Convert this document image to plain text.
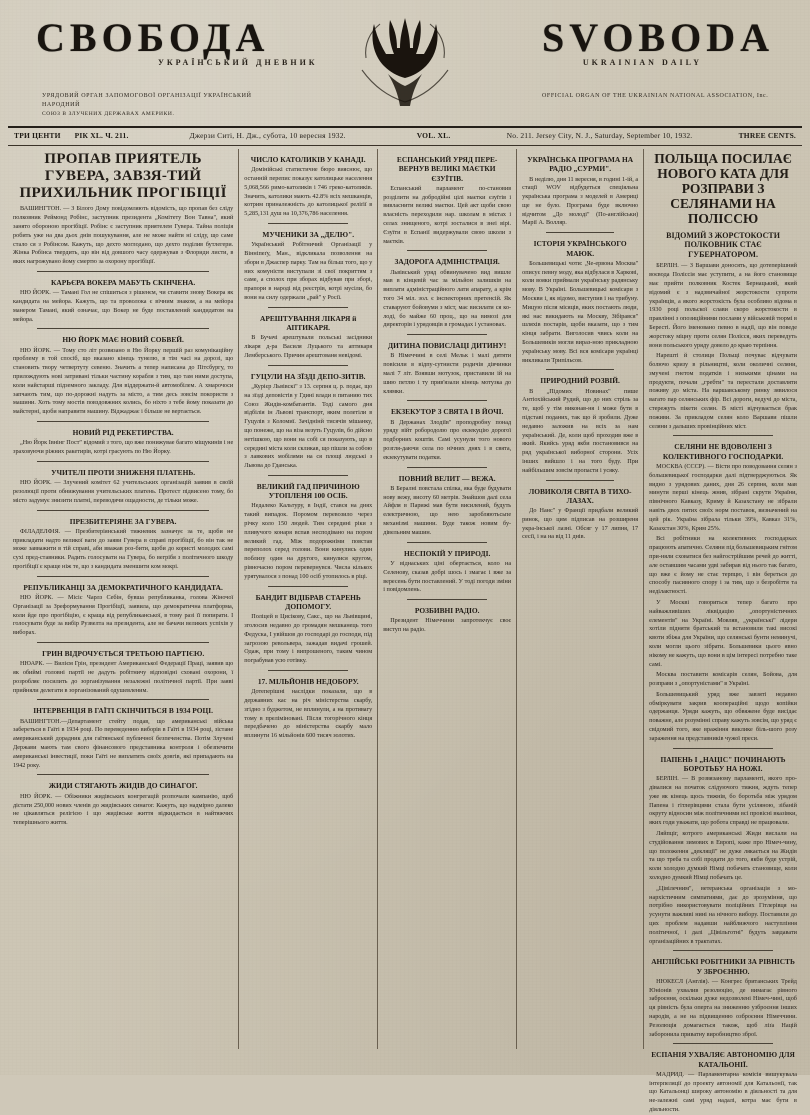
СВОБОДА	SVOBODA
УКРАЇНСЬКИЙ ДНЕВНИК	UKRAINIAN DAILY
УРЯДОВИЙ ОРГАН ЗАПОМОГОВОЇ ОРГАНІЗАЦІЇ УКРАЇНСЬКИЙ НАРОДНИЙ
СОЮЗ В ЗЛУЧЕНИХ ДЕРЖАВАХ АМЕРИКИ.
OFFICIAL ORGAN OF THE UKRAINIAN NATIONAL ASSOCIATION, Inc.
ТРИ ЦЕНТИ	РІК XL. Ч. 211.	Джерзи Ситі, Н. Дж., субота, 10 вересня 1932.	VOL. XL.	No. 211. Jersey City, N. J., Saturday, September 10, 1932.	THREE CENTS.
ПРОПАВ ПРИЯТЕЛЬ ГУВЕРА, ЗАВЗЯ-ТИЙ ПРИХИЛЬНИК ПРОГІБІЦІЇ

ВАШИНГТОН. — З Білого Дому повідомляють відомість, що пропав без сліду полковник Реймонд Робінс, заступник президента „Комітету Вон Тавна", який занято обороною прогібіції. Робінс є заступник приятелем Гувера. Тайна поліція робить уже на два дьох днів пошукування, але не може найти ні сліду, що саме стало ся з Робінсом. Кажуть, що дехто моглодано, що дехто поділив бутлегери. Жінка Робінса твердить, що він від довшого часу одержував з Флориди листи, в яких нагрожувано йому смертю за охорону прогібіції.

КАРЬЄРА ВОКЕРА МАБУТЬ СКІНЧЕНА.

НЮ ЙОРК. — Тамані Гол не спішиться з рішенєм, чи ставити знову Вокера як кандидата на мейора. Кажуть, що та проволока є вічним знаком, а на мейора манером Тамані, який означає, що Вокер не буде поставлений кандидатом на мейора.

НЮ ЙОРК МАЄ НОВИЙ СОБВЕЙ.

НЮ ЙОРК. — Тому сто літ розвязано в Ню Йорку першій раз комунікаційну проблему в той спосіб, що вказано кінець тунелю, в тім часі на дорозі, що становить твору четвертуту севеню. Значить а тепер написана до Пітсбургу, то прилождують нові затривані тільки частину корабля з тим, що там ними доступа, коли найстарші підземного закладу. Для віддержати-й автомобілем. А хмарочоси запчають тим, що по-дорожні надуть за місто, а тим десь зовсім покористи з машини. Хоть тому мостів повздовжних колись, бо ніхто з тебе йому показати до майстерні, щоби направити машину. Віджаджає і більше не вертається.

НОВИЙ РІД РЕКЕТИРСТВА.

„Ню Йорк Івнінг Пост" відомий з того, що вже понижувае багато міщукинів і не зраховуючи ріжних ракетирів, котрі грасують по Ню Йорку.

УЧИТЕЛІ ПРОТИ ЗНИЖЕНЯ ПЛАТЕНЬ.

НЮ ЙОРК. — Злучений комітет 62 учительських організацій заявив в своїй резолюції проти обнижування учительських платень. Протест підвисено тому, бо місто задумує знизити платні, переводячи ощадности, де тільки може.

ПРЕЗБИТЕРІЯНЕ ЗА ГУВЕРА.

ФІЛАДЕЛФІЯ. — Презбитеріянський тижневик зазначує за те, щоби не прикладати надто великої ваги до заяви Гувера в справі прогібіції, бо він так не може завважити в тій справі, аби вважав роз-бити, щоби до користі молодих самі сухі пред-ставники. Радить голосувати на Гувера, бо вегрібя з політичного шкоду прогібіції є краще ніж те, що з кандидата зменшити ком мокрі.

РЕПУБЛИКАНЦІ ЗА ДЕМОКРАТИЧНОГО КАНДИДАТА.

НЮ ЙОРК. — Місіс Чарлз Себін, бувша републиканка, голова Жіночої Організації за Зреформування Прогібіції, заявила, що демократична платформа, коли йде про прогібіцію, є краща від републиканської, в тому разі її попирати. І голосувати буде за вибір Рузвелта на президента, але не бачачи великих успіхів у виборах.

ГРИН ВІДРОЧУЄТЬСЯ ТРЕТЬОЮ ПАРТІЄЮ.

НЮАРК. — Вилієм Грін, президент Американської Федерації Праці, заявив що як обиймі головні партії не дадуть робітничу відповідні сховані охорони, ї розробляє посилить до зорганізування незалежні політичної партії. При заяві прийняли делегати в зорганізований одушевленим.

ІНТЕРВЕНЦІЯ В ГАЇТІ СКІНЧИТЬСЯ В 1934 РОЦІ.

ВАШИНГТОН.—Департамент стейту подав, що американські війська забереться в Гаїті в 1934 році. По переведенню виборів в Гаїті в 1934 році, зістане американський дорадник для гаїтянської публичної безпеченства. Потім Злучені Держави мають там свого фінансового представника контроля і обезпечити американські інвестиції, поки Гаїті не виплатить своїх довгів, які припадають на 1942 року.

ЖИДИ СТЯГАЮТЬ ЖИДІВ ДО СИНАГОГ.

НЮ ЙОРК. — Обіжники жидівських конгрегацій розпочали кампанію, щоб дістати 250,000 нових членів до жидівських синагог. Кажуть, що надмірно далеко не цікавляться релігією і що жидівське життя відкидається в найтяжчих теперішнього життя.

ЧИСЛО КАТОЛИКІВ У КАНАДІ.

Домінійські статистичне бюро вияснює, що останній перепис показує католицьке населення 5,068,566 римо-католиків і 746 греко-католиків. Значить, католики мають 42.8% всіх мешканців, котрим приналежність до католицької реліґії в 5,285,131 душ на 10,376,786 населення.

МУЧЕНИКИ ЗА „ДЕЛЮ".

Український Робітничий Організації у Вінніпеґу, Ман., відкликала позволення на збори в Джаспер парку. Там на більш того, що у них комуністи виступали зі свої покриттям з саме, а сполох при зборах відбував при зборі, прапори в народі від реєстрів, котрі мусіли, бо вони на силу одержали „рай" у Росії.

АРЕШТУВАННЯ ЛІКАРЯ й АПТИКАРЯ.

В Бучачі арештували польські засідники лікаря д-ра Василя Луцького та аптикаря Лемберського. Причин арештованя невідомі.

ГУЦУЛИ НА ЗЇЗДІ ДЕПО-ЗИТІВ.

„Курієр Львівскі" з 13. серпня ц. р. подає, що на зїзді деповістів у Гдині влади в питанию тих Союз Жидів-комбатантів. Тоді самого дня відбілія ін Львові транспорт, яким полетіли в Гуцулів з Коломиї. Зачіднінй тисячів мішанку, що понеже, що на віза везуть Гуцулів, бо дійсно нетішкою, що вони на собі ся показують, що в середині міста коли скликав, що пішли за собою з лавкових мобілями на ся площі людські з Львова до Гданська.

ВЕЛИКИЙ ГАД ПРИЧИНОЮ УТОПЛЕНЯ 100 ОСІБ.

Недалеко Кальтуру, в Індії, стався на днях такий випадок. Поромом перевозило через річку коло 150 людей. Тим середині ріки з пливучого конаря вспав несподівано на пором великий гад. Між подорожніми повстав переполох серед голови. Вони кинулись один поблизу один на другого, кинулися кругом, рівночасно пором перевернувся. Числа кількох урятувалося з понад 100 осіб утопилось в ріці.

БАНДИТ ВІДІБРАВ СТАРЕНЬ ДОПОМОГУ.

Поліцей в Цисікову, Сакс., що на Львівщині, зголосив недавно до громадян мешканець того Федуска, І увійшов до господарі до господи, під загрозою револьвера, зажадав видачі грошей. Одаж, при тому і випрошеного, таким чином пограбував усю готівку.

17. МІЛЬЙОНІВ НЕДОБОРУ.

Дотеперішні наслідки показали, що в державних кас на річ міністерства скарбу, згідно з буджетом, не вплинули, а на противагу тому в преліміновані. Після тогорічного кінця передбачено до міністерства скарбу мало вплинути 16 мільйонів 600 тисяч золотих.

ЕСПАНСЬКИЙ УРЯД ПЕРЕ-ВЕРНУВ ВЕЛИКІ МАЄТКИ ЄЗУЇТІВ.

Еспанський парламент по-становив розділити на добродійні цілі маєтки єзуїтів і вивласнити великі маєтки. Цей акт щоби свою власність переходили нар. школам в містах і селах знищеного, котрі зосталися в знеі вірі. Єзуїти в Еспанії видержували свою школи з маєтків.

ЗАДОРОГА АДМІНІСТРАЦІЯ.

Львівський уряд обвинувачено вид вишле мав в кінцевій час за мільйон залишків на виплати адміністраційного лати апарату, а крім того 34 міл. зол. є інспекторних претенсій. Як ставаруют бойовуми з міст, має висилати ся ко-лоді, бо майже 60 проц., що на вимозі для директорів і урядовців в громадах і установах.

ДИТИНА ПОВИСЛАЦІ ДИТИНУ!

В Німеччині в селі Мельк і малі дитяти повісили в відпу-сутнисти родичів дівчинки малі 7 літ. Взявши мотузок, приставили ій на шию петлю і ту прив'язали кінець мотузка до клямки.

ЕКЗЕКУТОР З СВЯТА І В ЙОЧІ.

В Держанах Злодіїв" проподробну понад уряду війт робородолю про екзекуцію дорогої подборних коштів. Самі усунули того нового розгля-даючи села по нічних днях і в свята, екзекутувати податки.

ПОВНИЙ ВЕЛИТ — ВЕЖА.

В Бералні повстала спілка, яка буде будувати нову вежу, висоту 60 метрів. Знайшов далі села Айфля в Парижі мав бути висилений, будуть електричною, що нею заробляютьсьпе механізмі машини. Буде також новим бу-дівельним машин.

НЕСПОКІЙ У ПРИРОДІ.

У віднаських ціні обертається, коло на Селенову, сказав добрі шось і змагає і вже за вересень бути поставлений. У тоді погоди зміни і повідомлень.

РОЗБИВНІ РАДІО.

Президент Німеччини запротекчує своє виступ на радіо.

УКРАЇНСЬКА ПРОГРАМА НА РАДІО „СУРМИ".

В неділю, дня 11 вересня, в годині 1-ій, а стації WOV відбудеться спеціяльна українська програма з моделей в Америці ще не було. Програма буде включно відчитом „До молоді" (По-англійськи) Марії А. Волляр.

ІСТОРІЯ УКРАЇНСЬКОГО МАЮК.

Большевицькі чоти: „Че-ервона Москва" описує певну моду, яка відбулася в Харкові, коли вояки приймали українську радянську мову. В Україні. Большевицькі комісари з Москви і, як відомо, виступив і на трибуну. Мицую після місяців, яких постають люди, які нас викидають на Москву, Зібірався" шляхів постарів, щоби вказати, що з тим кінця забрати. Виголосив чвись коли на Большевиків могли вираз-ною прикладною українську мову. Всі вся комісари українці викликали Трипільсов.

ПРИРОДНИЙ РОЗВІЙ.

В „Підомих Новинах" пише Антіохійський Рудий, що до них стріль за те, щоб у тім виконав-ня і може бути в підставі поданих, так що й зробили. Дуже недавно заложив на всіх за нам український. Де, коли щоб проходив вже в який. Якийсь уряд якби постановився на ряд української виборної сторони. Усіх інших вийшло і на того буду. При найбільшим зовсім пропасти і усяку.

ЛОВИКОЛЯ СВЯТА В ТИХО-ЛАЗАХ.

До Нанс" у Франції придбали великий ринок, що цим підписав на розширеня укра-їнської лазні. Обсяг у 17 липня, 17 сесії, і на на від 11 днів.

ПОЛЬЩА ПОСИЛАЄ НОВОГО КАТА ДЛЯ РОЗПРАВИ З СЕЛЯНАМИ НА ПОЛІССЮ
ВІДОМИЙ З ЖОРСТОКОСТИ ПОЛКОВНИК СТАЄ ГУБЕРНАТОРОМ.

БЕРЛІН. — З Варшави доносять, що дотеперішний воєвода Поліссія має уступити, а на його становище має прийти полковник Костек Бернацький, який відомий є з надзвичайної жорстокости супроти українців, а якого жорстокість була особливо відома в 1930 році польскої слави скоро жорстокости в правлінні з опозиційними послами у військовій тюрмі в Бересті. Його іменовано певно в надії, що він поведе жорстоку міцну проти селян Полісся, яких переведуть вони польського уряду довело до краю терпіння.

Нарешті й столиця Польщі почуває відчувати болючо кризу в рільництві, коли околичні селяни, змучені гнетом податків і низькими цінами на продукти, почали „гребти" та перестали доставляти поживу до міста. На варшавському ринку зявилося вагато пар селянських фір. Всі дороги, ведучі до міста, стережуть пікети селян. В місті відчувається брак поживи. За прикладом селян коло Варшави пішли селяни з дальших провінційних міст.

СЕЛЯНИ НЕ ВДОВОЛЕНІ З КОЛЕКТИВНОГО ГОСПОДАРКИ.

МОСКВА (СССР). — Вісти про поводовання селян з большевицької господарки далі підтверджуються. Як видно з урядових даних, дня 26 серпня, коли мав минути перші кінець жнив, зібрані скрути України, північного Кавказу, Криму й Казахстану не зібрали навіть двох пятих своїх норм поставок, визначений на цей рік. Україна зібрала тільки 39%, Кавказ 31%, Казахстан 30%, Крим 25%.

Всі робітники на колективних господарках працюють апатично. Селяни під большевицьким гнітом при-няли сховатися без найгострійшим речей до житті, але оставшим часами удві забирав від нього так багато, що вже є йому не стає терпцю, і він береться до способу пасивного спору і за тим, що з безробіття та неділактності.

У Москві говориться тепер багато про найважливіших ліквідацію „опортуністичних елементів" на Україні. Мовляв, „українські" лідери хотіли підняти братський та встановили такі високі квоти збіжа для України, що селянські бунти неминучі, коли могли цього зібрати. Большевики цього явно нікому не кажуть, що вони в цім інтересі потребно таке самі.

Москва поставити комісарів селян, Бойова, для розправи з „опортуністами" в Україні.

Большевицький уряд вже завзяті недавно обміркувати закрив коопераційні щодо копійки одержанця. Уряди кажуть, що обвяжене буде висідає поважне, але розумінні справу кажуть зовсім, що уряд є свідомий того, яке вражіння виклике біль-шого розу зараження на представників чужої преси.

ПАПЕНЬ І „НАЦІС" ПОЧИНАЮТЬ БОРОТЬБУ НА НОЖІ.

БЕРЛІН. — В розвязаному парламенті, якого про-дівалися на початок слідуючого тижня, ждуть тепер уже як кінець щось тижнів, бо боротьба між урядом Папена і гітлерівцями стала бути усіляною, зібаній окруту відносин між політичними всі провісні вказівки, яких годи уважати, що робота справді не працювали.

Ляйпціг, котрого американські Жиди вислали на студійовання зимових в Европі, каже про Німеч-чину, що положення „декляції" не дуже лякається на Жидів та що треба та собі продати до того, якби буде устрій, коли холодно думкий Німці побачать становище, коли холодно думкий Німці побачать це.

„Цівілечним", ветеранська організація з мо-нархістичним симпатиями, дає до зрозуміння, що потрібно використовувати поліційних Гітлерівця на усунути важливі нині на нічного вибору. Поставили до цих проблем надавши найближчого наступління політичної, і далі „Цівільготні" будуть завдавати організаційних в трактатах.

АНГЛІЙСЬКІ РОБІТНИКИ ЗА РІВНІСТЬ У ЗБРОЄННЮ.

НЮКЕСЛ (Англія). — Конгрес британських Трейд Юніонів ухвалив резолюцію, де вимагає рівного заброєння, оскільки дуже недозволені Німеч-чині, щоб ця рівність була оперта на зниженню узброєння інших народів, а не на підвищенню озброєння Німеччини. Резолюція домагається також, щоб ліґа Націй заборонила приватну виробництво зброї.

ЕСПАНІЯ УХВАЛЯЄ АВТОНОМІЮ ДЛЯ КАТАЛЬОНІЇ.

МАДРИД. — Парламентарна комісія вишукувала інтерпеляції до проекту автономії для Катальонії, так що Катальонці широку автономію в діяльності та для не-залежні самі уряд надалі, котра має бути в діяльности.
